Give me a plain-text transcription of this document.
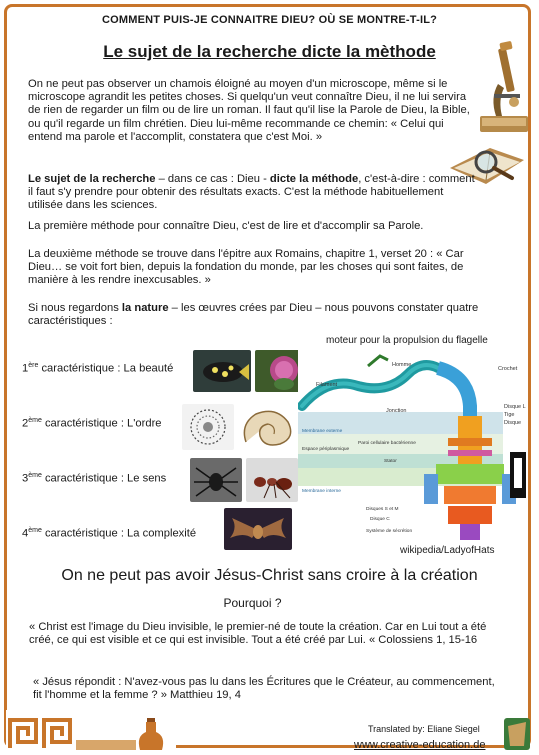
COMMENT PUIS-JE CONNAITRE DIEU? OÙ SE MONTRE-T-IL?
Le sujet de la recherche dicte la mèthode
On ne peut pas observer un chamois éloigné au moyen d'un microscope, même si le microscope agrandit les petites choses. Si quelqu'un veut connaître Dieu, il ne lui servira de rien de regarder un film ou de lire un roman. Il faut qu'il lise la Parole de Dieu, la Bible, ou qu'il regarde un film chrétien. Dieu lui-même recommande ce chemin: « Celui qui entend ma parole et l'accomplit, constatera que c'est Moi. »
Le sujet de la recherche – dans ce cas : Dieu - dicte la méthode, c'est-à-dire : comment il faut s'y prendre pour obtenir des résultats exacts. C'est la méthode habituellement utilisée dans les sciences.
La première méthode pour connaître Dieu, c'est de lire et d'accomplir sa Parole.
La deuxième méthode se trouve dans l'épitre aux Romains, chapitre 1, verset 20 : « Car Dieu… se voit fort bien, depuis la fondation du monde, par les choses qui sont faites, de manière à les rendre inexcusables. »
Si nous regardons la nature – les œuvres crées par Dieu – nous pouvons constater quatre caractéristiques :
moteur pour la propulsion du flagelle
1ère caractéristique : La beauté
2ème caractéristique : L'ordre
3ème caractéristique : Le sens
4ème caractéristique : La complexité
Homme
Crochet
Filament
Jonction
Disque L
Tige
Disque
Membrane externe
Espace périplasmique
Paroi cellulaire bactérienne
Membrane interne
Stator
Disques S et M
Disque C
Système de sécrétion
wikipedia/LadyofHats
On ne peut pas avoir Jésus-Christ sans croire à la création
Pourquoi ?
« Christ est l'image du Dieu invisible, le premier-né de toute la création. Car en Lui tout a été créé, ce qui est visible et ce qui est invisible. Tout a été créé par Lui. « Colossiens 1, 15-16
« Jésus répondit : N'avez-vous pas lu dans les Écritures que le Créateur, au commencement, fit l'homme et la femme ? » Matthieu 19, 4
Translated by: Eliane Siegel
www.creative-education.de
